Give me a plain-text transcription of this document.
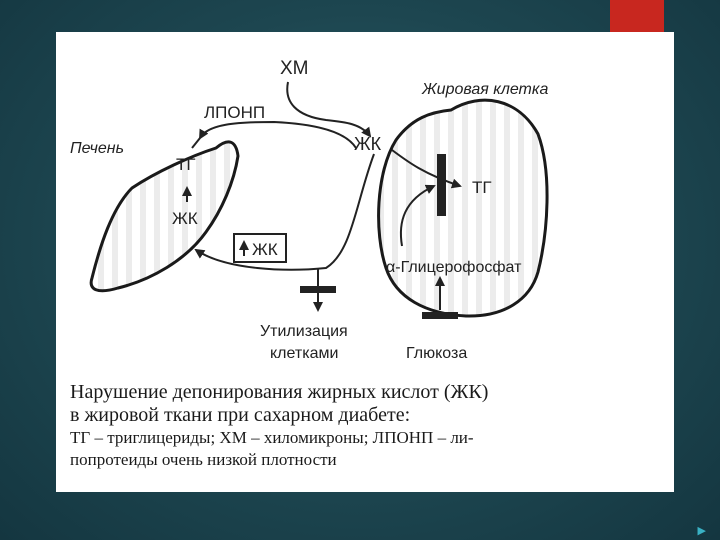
▶
ХМ
ЛПОНП
Печень
Жировая клетка
ЖК
ТГ
ЖК
ЖК
ТГ
α-Глицерофосфат
Глюкоза
Утилизация
клетками
Нарушение депонирования жирных кислот (ЖК)
в жировой ткани при сахарном диабете:
ТГ – триглицериды; ХМ – хиломикроны; ЛПОНП – ли-
попротеиды очень низкой плотности
